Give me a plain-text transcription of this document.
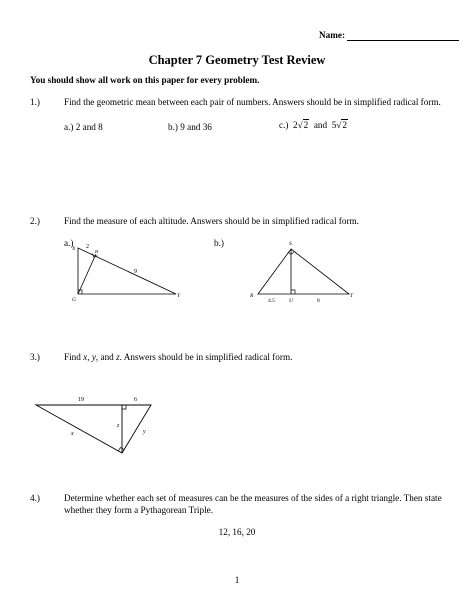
Name:
Chapter 7 Geometry Test Review
You should show all work on this paper for every problem.
1.)	Find the geometric mean between each pair of numbers. Answers should be in simplified radical form.
a.) 2 and 8	b.) 9 and 36	c.) 2√2 and 5√2
2.)	Find the measure of each altitude. Answers should be in simplified radical form.
a.)	b.)
X 2
H
9
G
Y
S
R
U
T
4.5	8
3.)	Find x, y, and z. Answers should be in simplified radical form.
19	6
z
x	y
4.)	Determine whether each set of measures can be the measures of the sides of a right triangle. Then state
whether they form a Pythagorean Triple.
12, 16, 20
1
